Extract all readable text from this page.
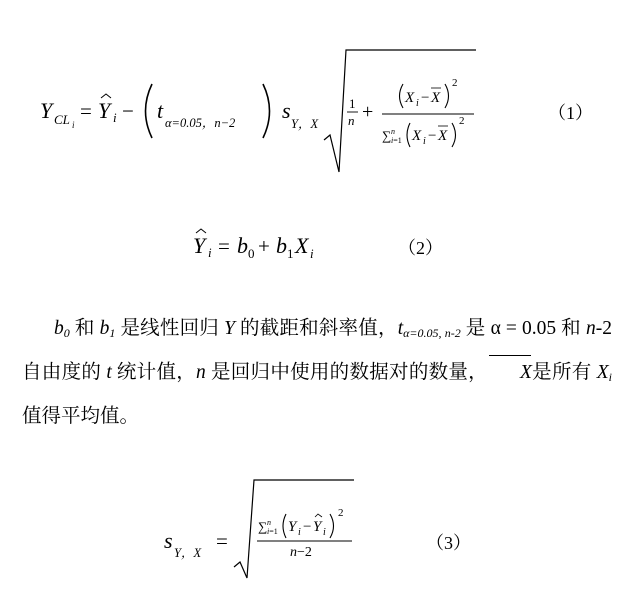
Y CL i
= Y i − t α=0.05，n−2 s
Y，X
1
n +
X i − X
2
∑ n
i=1 X i − X
2	（1）
Y i = b 0 + b 1 X i	（2）
$b_0$ 和 $b_1$ 是线性回归 Y 的截距和斜率值，$t_{\alpha=0.05, n-2}$ 是 α = 0.05 和 n-2 自由度的 t 统计值，n 是回归中使用的数据对的数量， X是所有 $X_i$ 值得平均值。
s Y，X =
∑ n
i=1 Y i − Y i
2
n−2	（3）
